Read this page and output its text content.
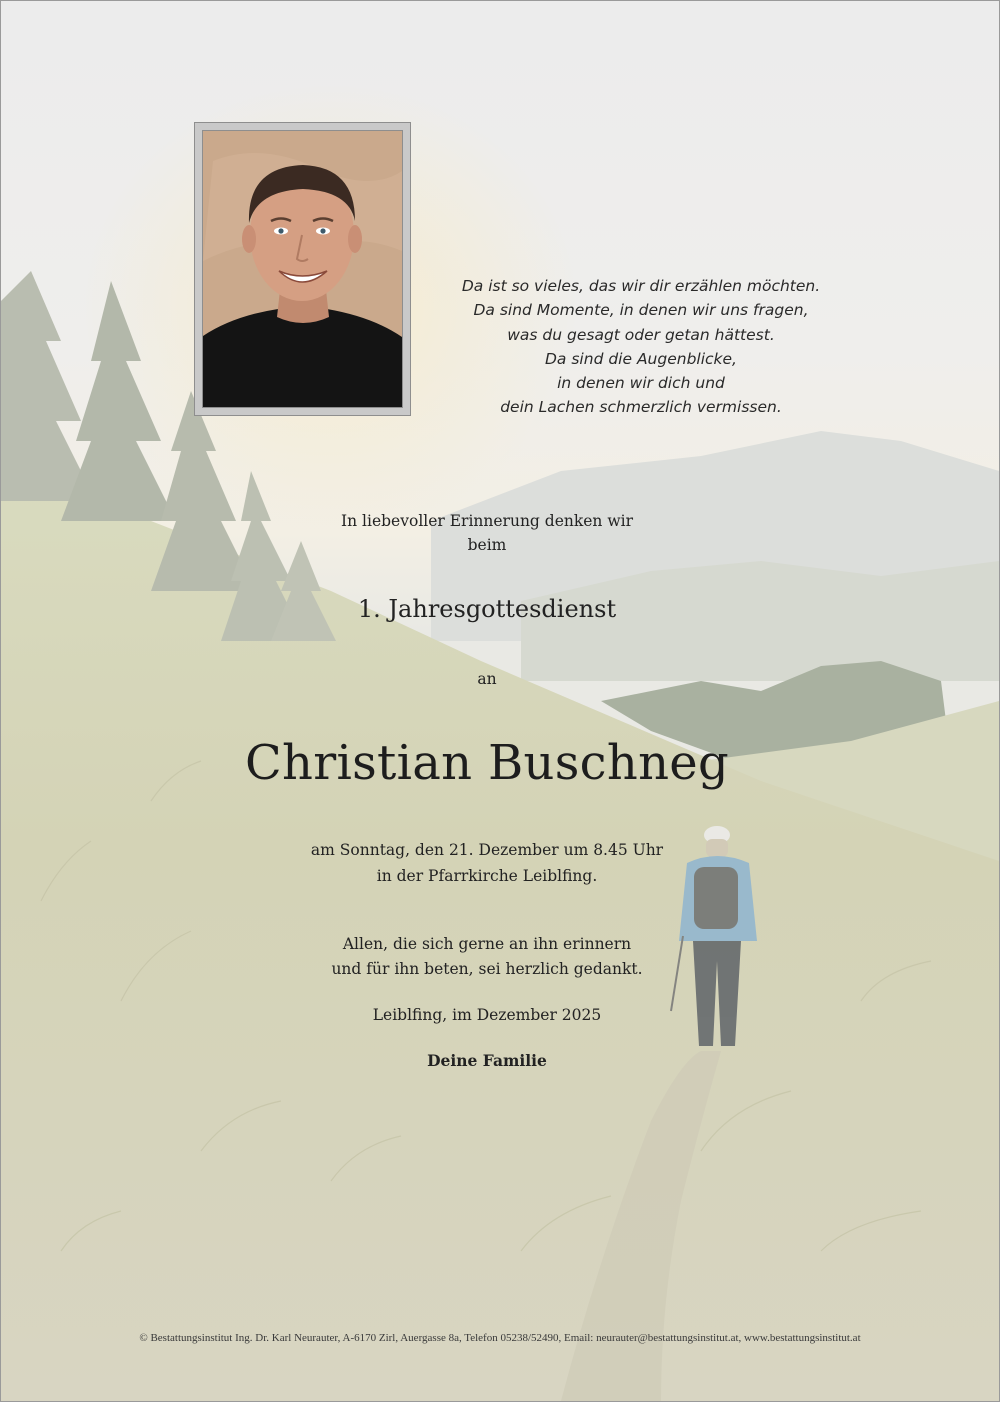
Da ist so vieles, das wir dir erzählen möchten.
Da sind Momente, in denen wir uns fragen,
was du gesagt oder getan hättest.
Da sind die Augenblicke,
in denen wir dich und
dein Lachen schmerzlich vermissen.
In liebevoller Erinnerung denken wir
beim
1. Jahresgottesdienst
an
Christian Buschneg
am Sonntag, den 21. Dezember um 8.45 Uhr
in der Pfarrkirche Leiblfing.
Allen, die sich gerne an ihn erinnern
und für ihn beten, sei herzlich gedankt.
Leiblfing, im Dezember 2025
Deine Familie
© Bestattungsinstitut Ing. Dr. Karl Neurauter, A-6170 Zirl, Auergasse 8a, Telefon 05238/52490, Email: neurauter@bestattungsinstitut.at, www.bestattungsinstitut.at
